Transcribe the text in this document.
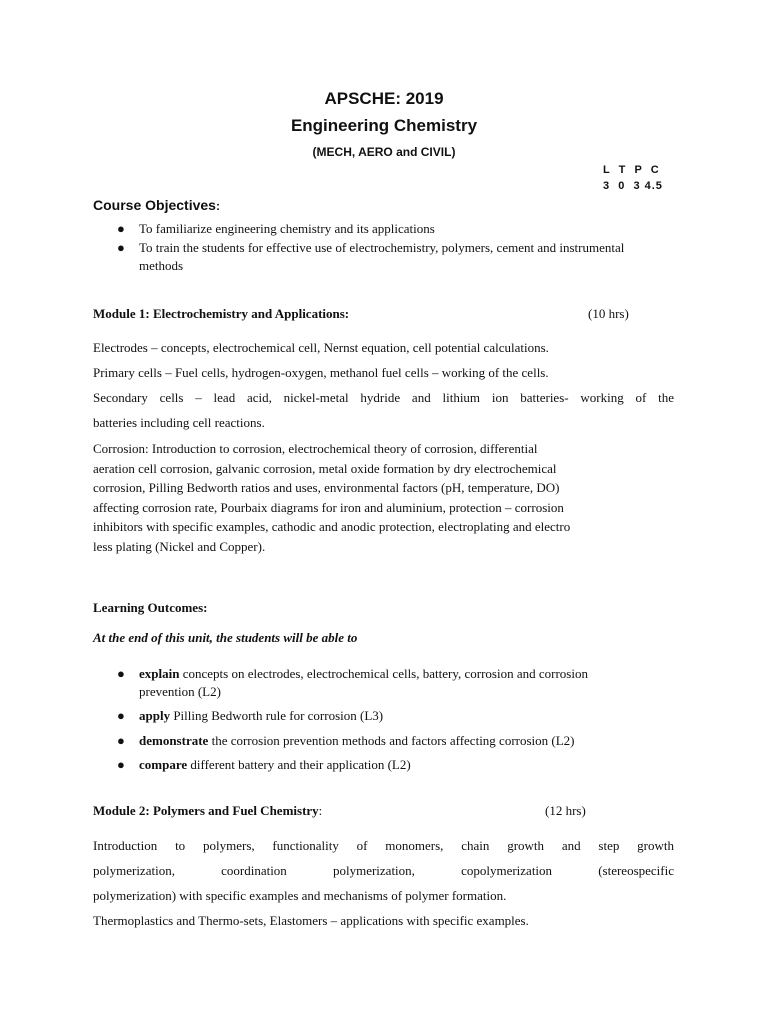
APSCHE: 2019
Engineering Chemistry
(MECH, AERO and CIVIL)
L  T  P  C
3  0  3 4.5
Course Objectives:
● To familiarize engineering chemistry and its applications
● To train the students for effective use of electrochemistry, polymers, cement and instrumental
methods
Module 1: Electrochemistry and Applications:	(10 hrs)
Electrodes – concepts, electrochemical cell, Nernst equation, cell potential calculations.
Primary cells – Fuel cells, hydrogen-oxygen, methanol fuel cells – working of the cells.
Secondary cells – lead acid, nickel-metal hydride and lithium ion batteries- working of the
batteries including cell reactions.
Corrosion: Introduction to corrosion, electrochemical theory of corrosion, differential
aeration cell corrosion, galvanic corrosion, metal oxide formation by dry electrochemical
corrosion, Pilling Bedworth ratios and uses, environmental factors (pH, temperature, DO)
affecting corrosion rate, Pourbaix diagrams for iron and aluminium, protection – corrosion
inhibitors with specific examples, cathodic and anodic protection, electroplating and electro
less plating (Nickel and Copper).
Learning Outcomes:
At the end of this unit, the students will be able to
● explain concepts on electrodes, electrochemical cells, battery, corrosion and corrosion
prevention (L2)
● apply Pilling Bedworth rule for corrosion (L3)
● demonstrate the corrosion prevention methods and factors affecting corrosion (L2)
● compare different battery and their application (L2)
Module 2: Polymers and Fuel Chemistry:	(12 hrs)
Introduction to polymers, functionality of monomers, chain growth and step growth
polymerization, coordination polymerization, copolymerization (stereospecific
polymerization) with specific examples and mechanisms of polymer formation.
Thermoplastics and Thermo-sets, Elastomers – applications with specific examples.
